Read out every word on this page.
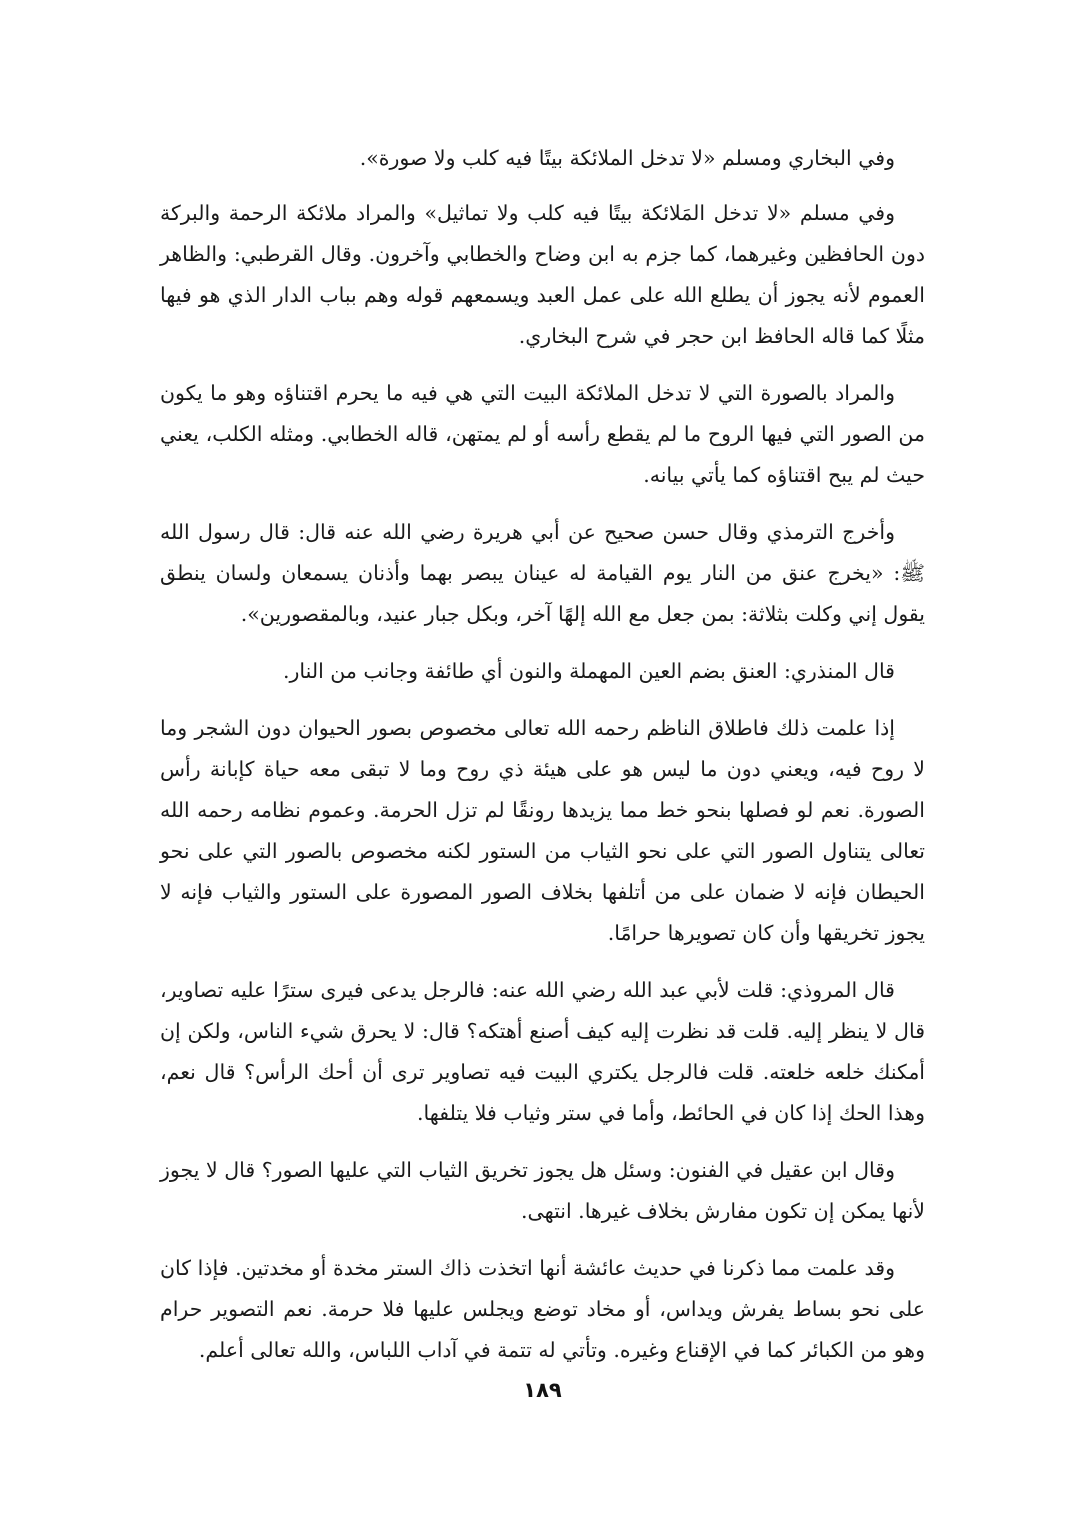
وفي البخاري ومسلم «لا تدخل الملائكة بيتًا فيه كلب ولا صورة».

وفي مسلم «لا تدخل المَلائكة بيتًا فيه كلب ولا تماثيل» والمراد ملائكة الرحمة والبركة دون الحافظين وغيرهما، كما جزم به ابن وضاح والخطابي وآخرون. وقال القرطبي: والظاهر العموم لأنه يجوز أن يطلع الله على عمل العبد ويسمعهم قوله وهم بباب الدار الذي هو فيها مثلًا كما قاله الحافظ ابن حجر في شرح البخاري.

والمراد بالصورة التي لا تدخل الملائكة البيت التي هي فيه ما يحرم اقتناؤه وهو ما يكون من الصور التي فيها الروح ما لم يقطع رأسه أو لم يمتهن، قاله الخطابي. ومثله الكلب، يعني حيث لم يبح اقتناؤه كما يأتي بيانه.

وأخرج الترمذي وقال حسن صحيح عن أبي هريرة رضي الله عنه قال: قال رسول الله ﷺ: «يخرج عنق من النار يوم القيامة له عينان يبصر بهما وأذنان يسمعان ولسان ينطق يقول إني وكلت بثلاثة: بمن جعل مع الله إلهًا آخر، وبكل جبار عنيد، وبالمقصورين».

قال المنذري: العنق بضم العين المهملة والنون أي طائفة وجانب من النار.

إذا علمت ذلك فاطلاق الناظم رحمه الله تعالى مخصوص بصور الحيوان دون الشجر وما لا روح فيه، ويعني دون ما ليس هو على هيئة ذي روح وما لا تبقى معه حياة كإبانة رأس الصورة. نعم لو فصلها بنحو خط مما يزيدها رونقًا لم تزل الحرمة. وعموم نظامه رحمه الله تعالى يتناول الصور التي على نحو الثياب من الستور لكنه مخصوص بالصور التي على نحو الحيطان فإنه لا ضمان على من أتلفها بخلاف الصور المصورة على الستور والثياب فإنه لا يجوز تخريقها وأن كان تصويرها حرامًا.

قال المروذي: قلت لأبي عبد الله رضي الله عنه: فالرجل يدعى فيرى سترًا عليه تصاوير، قال لا ينظر إليه. قلت قد نظرت إليه كيف أصنع أهتكه؟ قال: لا يحرق شيء الناس، ولكن إن أمكنك خلعه خلعته. قلت فالرجل يكتري البيت فيه تصاوير ترى أن أحك الرأس؟ قال نعم، وهذا الحك إذا كان في الحائط، وأما في ستر وثياب فلا يتلفها.

وقال ابن عقيل في الفنون: وسئل هل يجوز تخريق الثياب التي عليها الصور؟ قال لا يجوز لأنها يمكن إن تكون مفارش بخلاف غيرها. انتهى.

وقد علمت مما ذكرنا في حديث عائشة أنها اتخذت ذاك الستر مخدة أو مخدتين. فإذا كان على نحو بساط يفرش ويداس، أو مخاد توضع ويجلس عليها فلا حرمة. نعم التصوير حرام وهو من الكبائر كما في الإقناع وغيره. وتأتي له تتمة في آداب اللباس، والله تعالى أعلم.

١٨٩
